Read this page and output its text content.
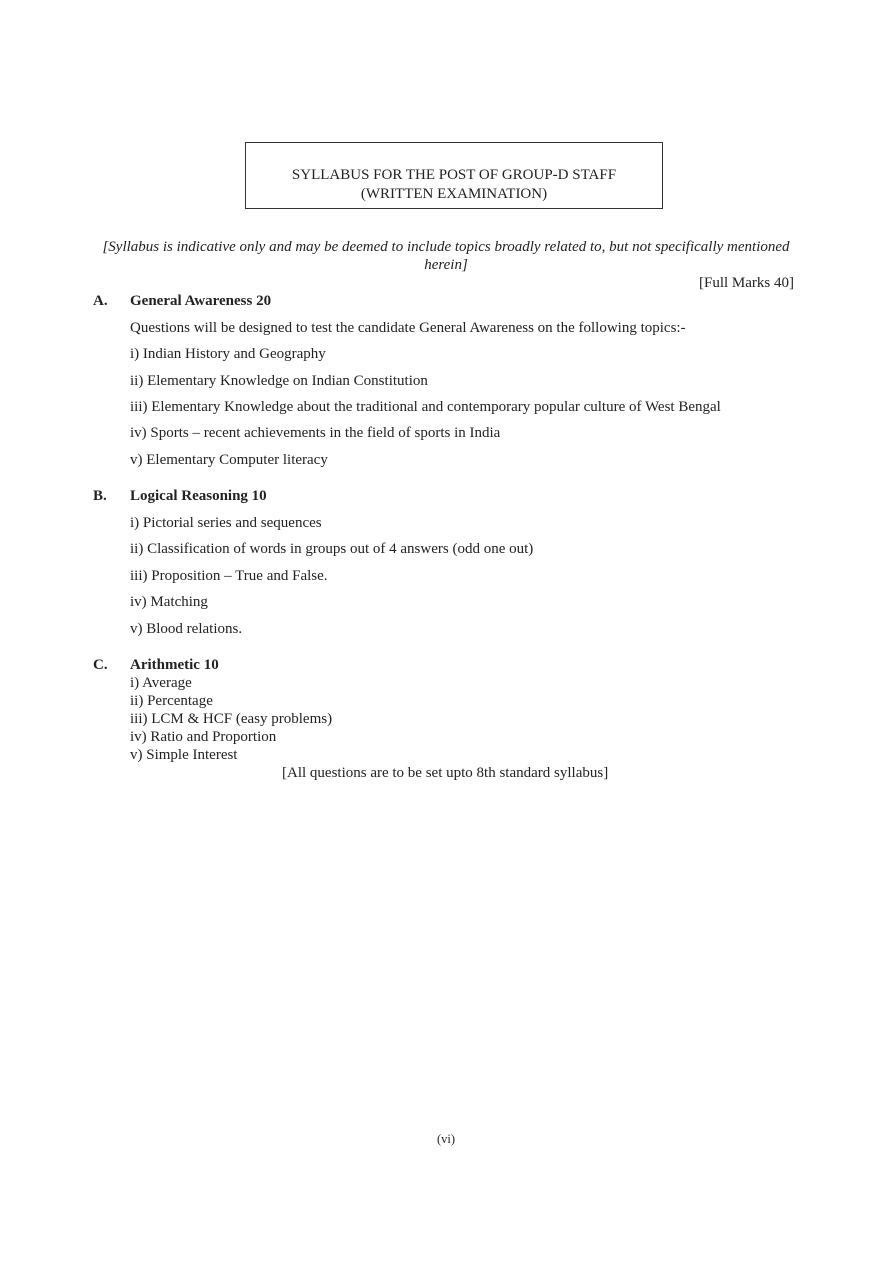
SYLLABUS FOR THE POST OF GROUP-D STAFF
(WRITTEN EXAMINATION)
[Syllabus is indicative only and may be deemed to include topics broadly related to, but not specifically mentioned
herein]
[Full Marks 40]
A. General Awareness 20
Questions will be designed to test the candidate General Awareness on the following topics:-
i) Indian History and Geography
ii) Elementary Knowledge on Indian Constitution
iii) Elementary Knowledge about the traditional and contemporary popular culture of West Bengal
iv) Sports – recent achievements in the field of sports in India
v) Elementary Computer literacy
B. Logical Reasoning 10
i) Pictorial series and sequences
ii) Classification of words in groups out of 4 answers (odd one out)
iii) Proposition – True and False.
iv) Matching
v) Blood relations.
C. Arithmetic 10
i) Average
ii) Percentage
iii) LCM & HCF (easy problems)
iv) Ratio and Proportion
v) Simple Interest
[All questions are to be set upto 8th standard syllabus]
(vi)
